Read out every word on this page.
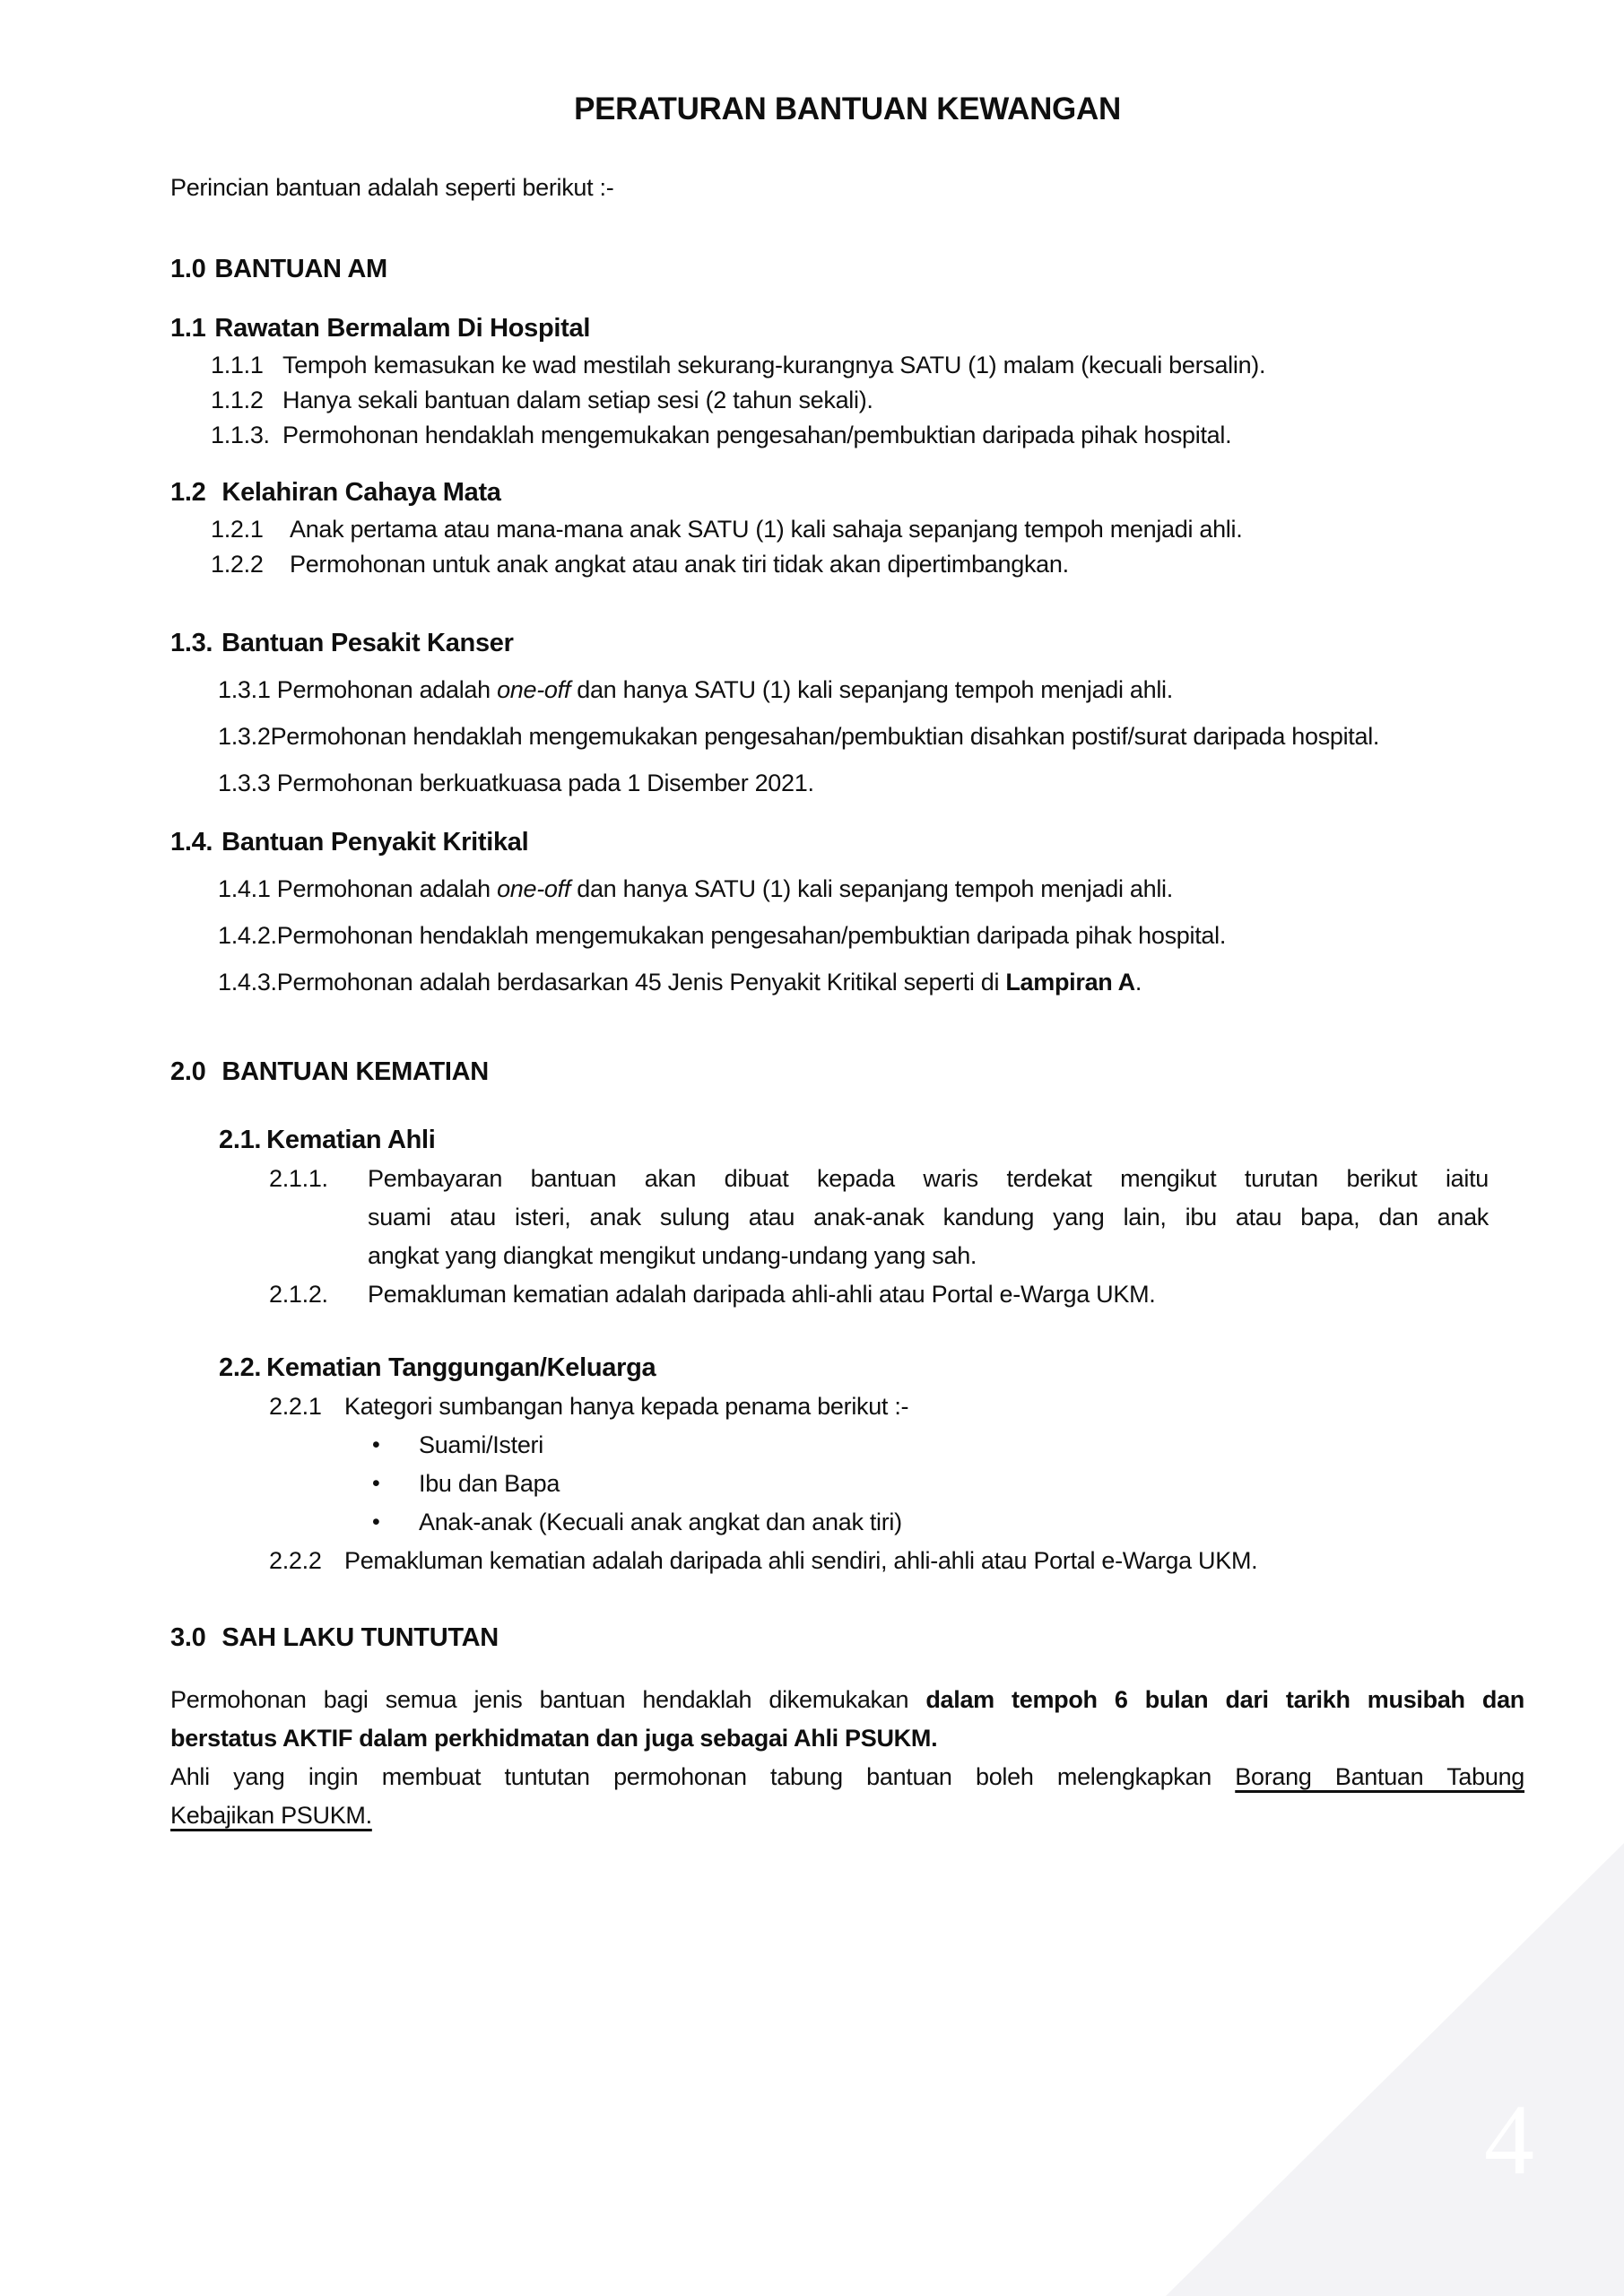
PERATURAN BANTUAN KEWANGAN

Perincian bantuan adalah seperti berikut :-

1.0 BANTUAN AM
1.1 Rawatan Bermalam Di Hospital
1.1.1 Tempoh kemasukan ke wad mestilah sekurang-kurangnya SATU (1) malam (kecuali bersalin).
1.1.2 Hanya sekali bantuan dalam setiap sesi (2 tahun sekali).
1.1.3. Permohonan hendaklah mengemukakan pengesahan/pembuktian daripada pihak hospital.
1.2 Kelahiran Cahaya Mata
1.2.1	Anak pertama atau mana-mana anak SATU (1) kali sahaja sepanjang tempoh menjadi ahli.
1.2.2	Permohonan untuk anak angkat atau anak tiri tidak akan dipertimbangkan.
1.3. Bantuan Pesakit Kanser
1.3.1 Permohonan adalah one-off dan hanya SATU (1) kali sepanjang tempoh menjadi ahli.
1.3.2Permohonan hendaklah mengemukakan pengesahan/pembuktian disahkan postif/surat daripada hospital.
1.3.3 Permohonan berkuatkuasa pada 1 Disember 2021.
1.4. Bantuan Penyakit Kritikal
1.4.1 Permohonan adalah one-off dan hanya SATU (1) kali sepanjang tempoh menjadi ahli.
1.4.2.Permohonan hendaklah mengemukakan pengesahan/pembuktian daripada pihak hospital.
1.4.3.Permohonan adalah berdasarkan 45 Jenis Penyakit Kritikal seperti di Lampiran A.
2.0 BANTUAN KEMATIAN
2.1. Kematian Ahli
2.1.1.	Pembayaran bantuan akan dibuat kepada waris terdekat mengikut turutan berikut iaitu
suami atau isteri, anak sulung atau anak-anak kandung yang lain, ibu atau bapa, dan anak
angkat yang diangkat mengikut undang-undang yang sah.
2.1.2.	Pemakluman kematian adalah daripada ahli-ahli atau Portal e-Warga UKM.
2.2. Kematian Tanggungan/Keluarga
2.2.1 Kategori sumbangan hanya kepada penama berikut :-
•	Suami/Isteri
•	Ibu dan Bapa
•	Anak-anak (Kecuali anak angkat dan anak tiri)
2.2.2 Pemakluman kematian adalah daripada ahli sendiri, ahli-ahli atau Portal e-Warga UKM.
3.0 SAH LAKU TUNTUTAN
Permohonan bagi semua jenis bantuan hendaklah dikemukakan dalam tempoh 6 bulan dari tarikh musibah dan
berstatus AKTIF dalam perkhidmatan dan juga sebagai Ahli PSUKM.
Ahli yang ingin membuat tuntutan permohonan tabung bantuan boleh melengkapkan Borang Bantuan Tabung
Kebajikan PSUKM.
4
